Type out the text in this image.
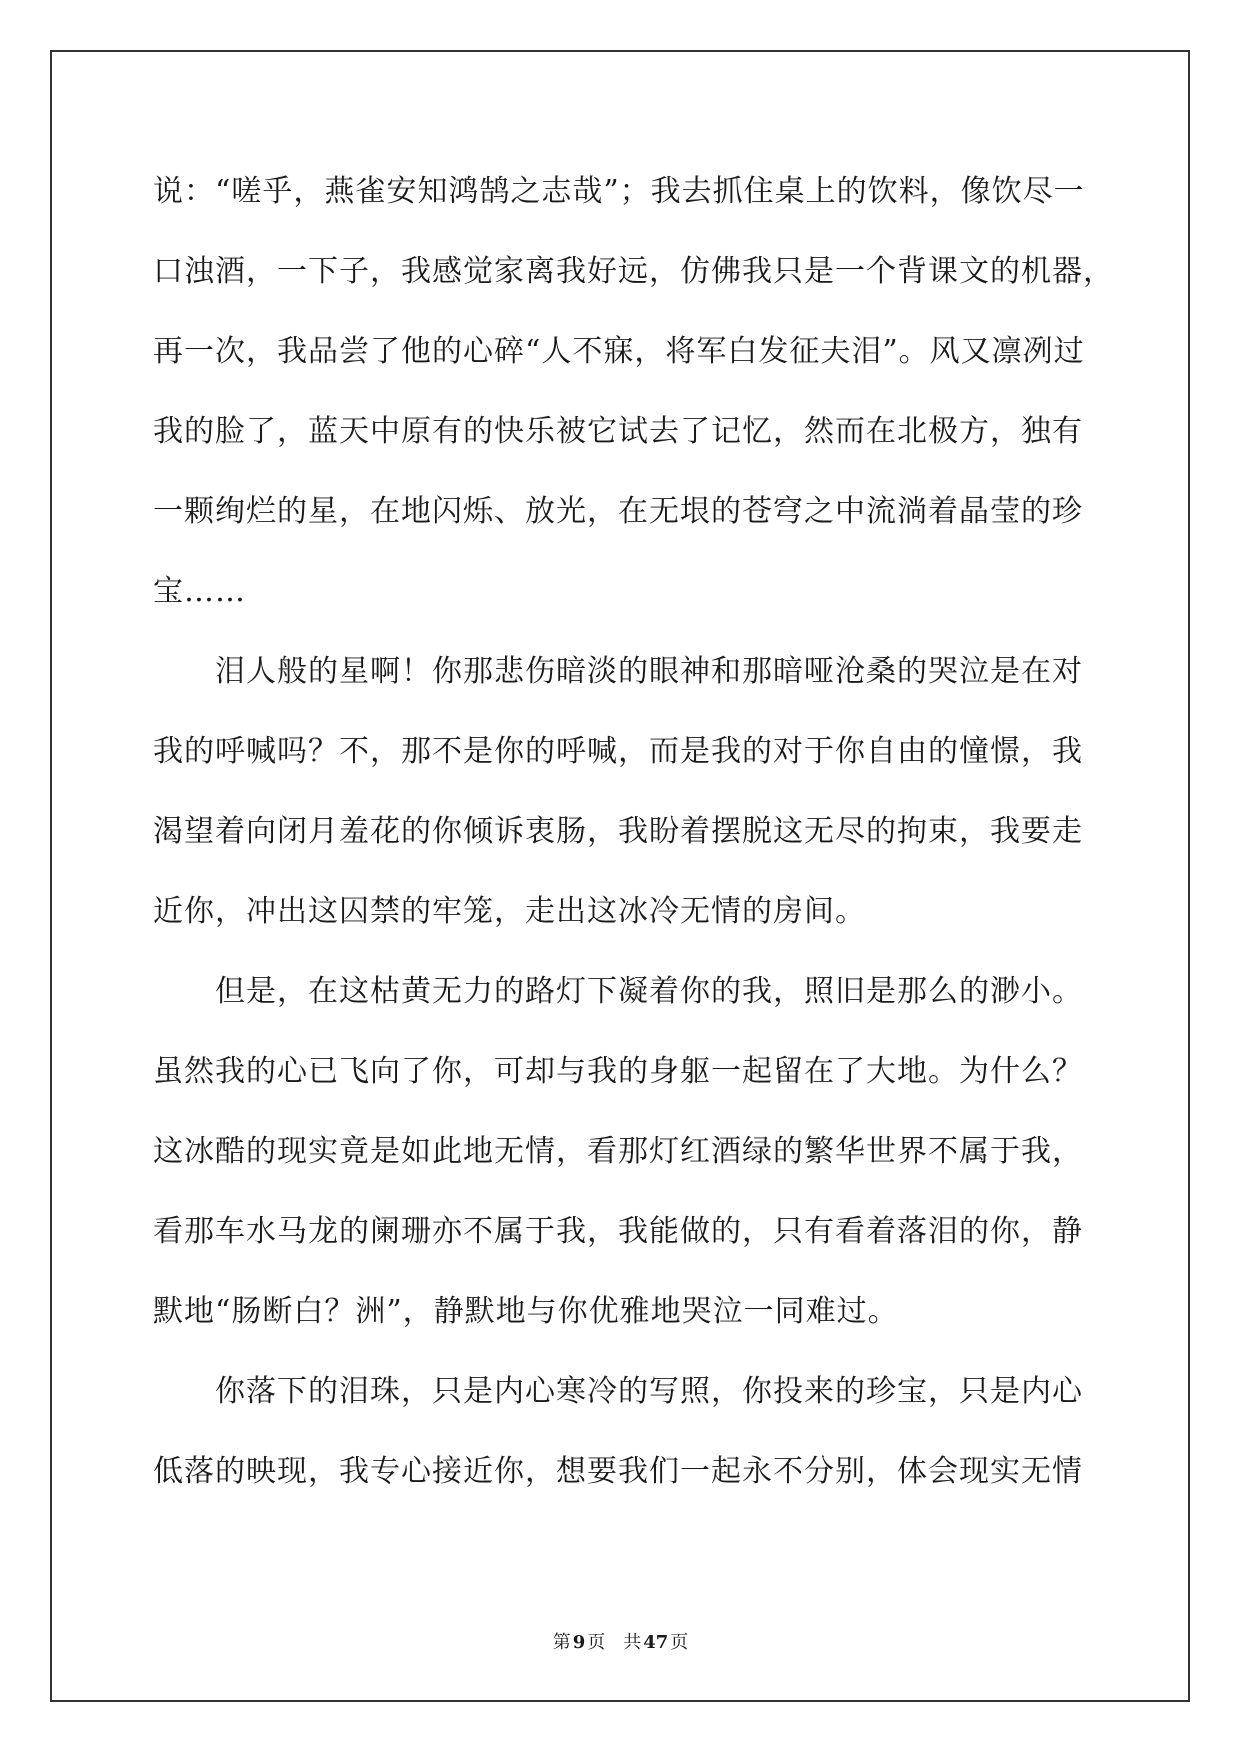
说：“嗟乎，燕雀安知鸿鹄之志哉”；我去抓住桌上的饮料，像饮尽一
口浊酒，一下子，我感觉家离我好远，仿佛我只是一个背课文的机器，
再一次，我品尝了他的心碎“人不寐，将军白发征夫泪”。风又凛冽过
我的脸了，蓝天中原有的快乐被它试去了记忆，然而在北极方，独有
一颗绚烂的星，在地闪烁、放光，在无垠的苍穹之中流淌着晶莹的珍
宝……
泪人般的星啊！你那悲伤暗淡的眼神和那暗哑沧桑的哭泣是在对
我的呼喊吗？不，那不是你的呼喊，而是我的对于你自由的憧憬，我
渴望着向闭月羞花的你倾诉衷肠，我盼着摆脱这无尽的拘束，我要走
近你，冲出这囚禁的牢笼，走出这冰冷无情的房间。
但是，在这枯黄无力的路灯下凝着你的我，照旧是那么的渺小。
虽然我的心已飞向了你，可却与我的身躯一起留在了大地。为什么？
这冰酷的现实竟是如此地无情，看那灯红酒绿的繁华世界不属于我，
看那车水马龙的阑珊亦不属于我，我能做的，只有看着落泪的你，静
默地“肠断白？洲”，静默地与你优雅地哭泣一同难过。
你落下的泪珠，只是内心寒冷的写照，你投来的珍宝，只是内心
低落的映现，我专心接近你，想要我们一起永不分别，体会现实无情
第 9 页 共 47 页
